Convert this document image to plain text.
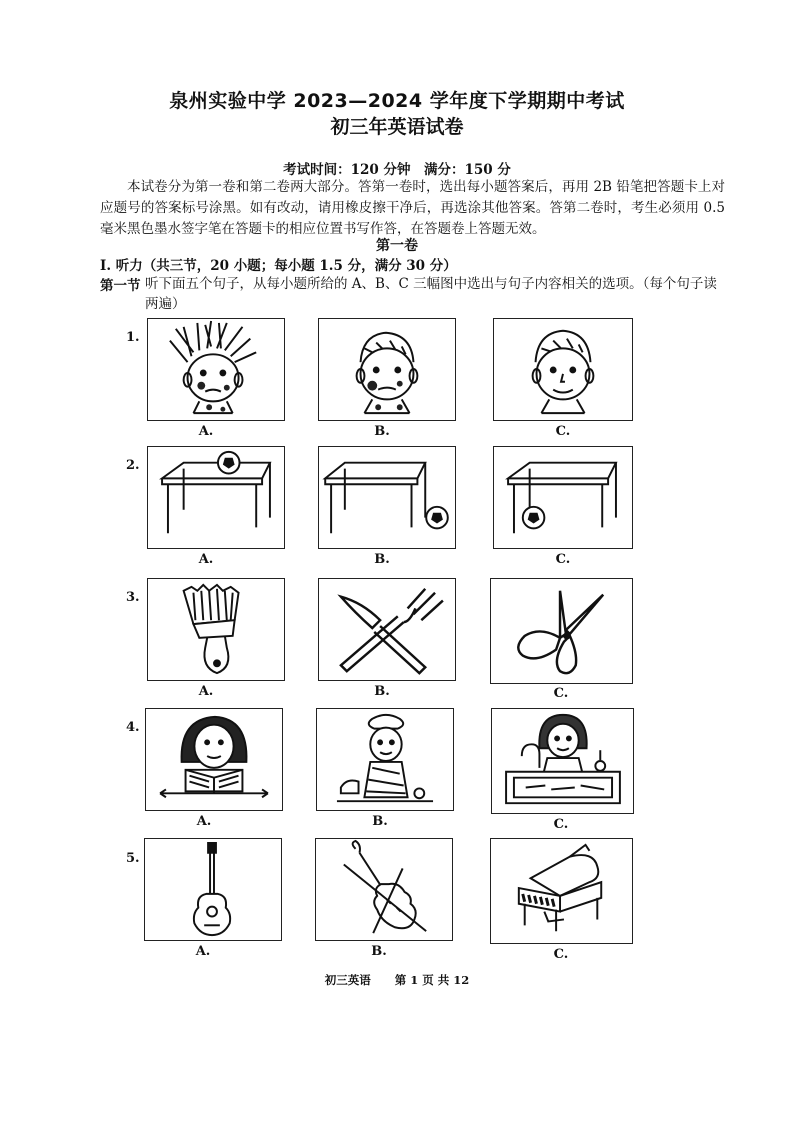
泉州实验中学 2023—2024 学年度下学期期中考试
初三年英语试卷
考试时间：120 分钟　满分：150 分
本试卷分为第一卷和第二卷两大部分。答第一卷时，选出每小题答案后，再用 2B 铅笔把答题卡上对应题号的答案标号涂黑。如有改动，请用橡皮擦干净后，再选涂其他答案。答第二卷时，考生必须用 0.5 毫米黑色墨水签字笔在答题卡的相应位置书写作答，在答题卷上答题无效。
第一卷
I. 听力（共三节，20 小题；每小题 1.5 分，满分 30 分）
第一节 听下面五个句子，从每小题所给的 A、B、C 三幅图中选出与句子内容相关的选项。（每个句子读两遍）
1.
A.	B.	C.
2.
A.	B.	C.
3.
A.	B.	C.
4.
A.	B.	C.
5.
A.	B.	C.
初三英语 第 1 页 共 12
